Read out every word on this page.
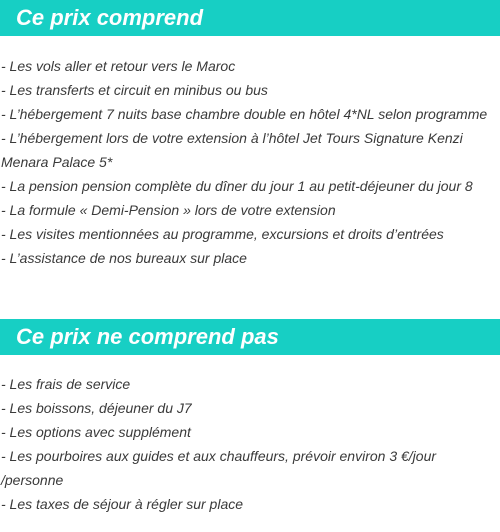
Ce prix comprend
- Les vols aller et retour vers le Maroc
- Les transferts et circuit en minibus ou bus
- L’hébergement 7 nuits base chambre double en hôtel 4*NL selon programme
- L’hébergement lors de votre extension à l’hôtel Jet Tours Signature Kenzi Menara Palace 5*
- La pension pension complète du dîner du jour 1 au petit-déjeuner du jour 8
- La formule « Demi-Pension » lors de votre extension
- Les visites mentionnées au programme, excursions et droits d’entrées
- L’assistance de nos bureaux sur place
Ce prix ne comprend pas
- Les frais de service
- Les boissons, déjeuner du J7
- Les options avec supplément
- Les pourboires aux guides et aux chauffeurs, prévoir environ 3 €/jour /personne
- Les taxes de séjour à régler sur place
